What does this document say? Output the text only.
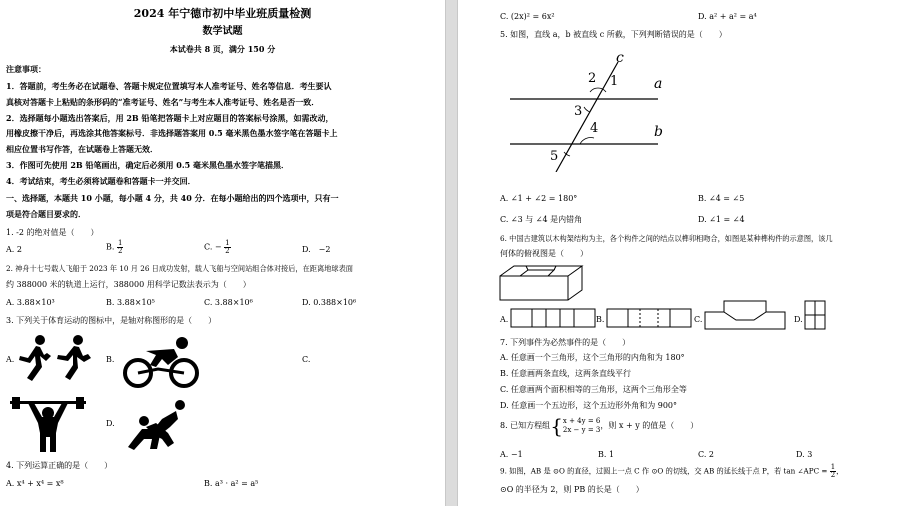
2024 年宁德市初中毕业班质量检测
数学试题
本试卷共 8 页，满分 150 分
注意事项：
1．答题前，考生务必在试题卷、答题卡规定位置填写本人准考证号、姓名等信息．考生要认
真核对答题卡上粘贴的条形码的“准考证号、姓名”与考生本人准考证号、姓名是否一致．
2．选择题每小题选出答案后，用 2B 铅笔把答题卡上对应题目的答案标号涂黑，如需改动，
用橡皮擦干净后，再选涂其他答案标号．非选择题答案用 0.5 毫米黑色墨水签字笔在答题卡上
相应位置书写作答，在试题卷上答题无效．
3．作图可先使用 2B 铅笔画出，确定后必须用 0.5 毫米黑色墨水签字笔描黑．
4．考试结束，考生必须将试题卷和答题卡一并交回．
一、选择题，本题共 10 小题，每小题 4 分，共 40 分．在每小题给出的四个选项中，只有一
项是符合题目要求的．
1. -2 的绝对值是（　　）
A. 2	B. $\frac{1}{2}$	C. − $\frac{1}{2}$	D.　−2
2. 神舟十七号载人飞船于 2023 年 10 月 26 日成功发射，载人飞船与空间站组合体对接后，在距离地球表面
约 388000 米的轨道上运行，388000 用科学记数法表示为（　　）
A. 3.88×10³	B. 3.88×10⁵	C. 3.88×10⁶	D. 0.388×10⁶
3. 下列关于体育运动的图标中，是轴对称图形的是（　　）
A.	B.	C.
D.
4. 下列运算正确的是（　　）
A. x⁴ + x⁴ = x⁸	B. a³ · a² = a⁵
C. (2x)² = 6x²	D. a² + a² = a⁴
5. 如图，直线 a，b 被直线 c 所截，下列判断错误的是（　　）
c
1
2
3
a
4	b
5
A. ∠1 + ∠2 = 180°	B. ∠4 = ∠5
C. ∠3 与 ∠4 是内错角	D. ∠1 = ∠4
6. 中国古建筑以木构架结构为主，各个构件之间的结点以榫卯相吻合，如图是某种榫构件的示意图，该几
何体的俯视图是（　　）
A.	B.	C.	D.
7. 下列事件为必然事件的是（　　）
A. 任意画一个三角形，这个三角形的内角和为 180°
B. 任意画两条直线，这两条直线平行
C. 任意画两个面积相等的三角形，这两个三角形全等
D. 任意画一个五边形，这个五边形外角和为 900°
8. 已知方程组{ x + 4y = 6
2x − y = 3 ，则 x + y 的值是（　　）
A. −1	B. 1	C. 2	D. 3
9. 如图，AB 是 ⊙O 的直径，过圆上一点 C 作 ⊙O 的切线，交 AB 的延长线于点 P，若 tan ∠APC = $\frac{1}{2}$ ，
⊙O 的半径为 2，则 PB 的长是（　　）
